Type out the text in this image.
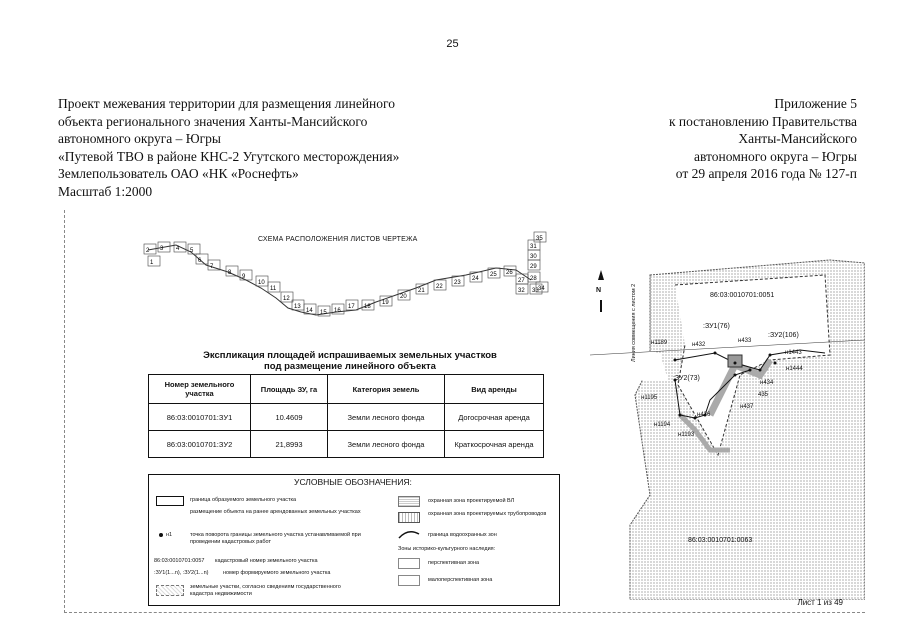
25
Проект межевания территории для размещения линейного
объекта регионального значения Ханты-Мансийского
автономного округа – Югры
«Путевой ТВО в районе КНС-2 Угутского месторождения»
Землепользователь ОАО «НК «Роснефть»
Масштаб 1:2000
Приложение 5
к постановлению Правительства
Ханты-Мансийского
автономного округа – Югры
от 29 апреля 2016 года № 127-п
СХЕМА РАСПОЛОЖЕНИЯ ЛИСТОВ ЧЕРТЕЖА
1
2 3 4 5
6
7
8
9
10
11
12
13
14 15 16
17 18
19
20
21
22
23
24
25 26
27 28
29
30
31
32 33 34
35
Экспликация площадей испрашиваемых земельных участков
под размещение линейного объекта
Номер земельного участка	Площадь ЗУ, га	Категория земель	Вид аренды
86:03:0010701:ЗУ1	10.4609	Земли лесного фонда	Догосрочная аренда
86:03:0010701:ЗУ2	21,8993	Земли лесного фонда	Краткосрочная аренда
УСЛОВНЫЕ ОБОЗНАЧЕНИЯ:
граница образуемого земельного участка
размещение объекта на ранее арендованных земельных участках
н1	точка поворота границы земельного участка устанавливаемой при проведении кадастровых работ
86:03:0010701:0057 кадастровый номер земельного участка
:ЗУ1(1...n), :ЗУ2(1...n)	номер формируемого земельного участка
земельные участки, согласно сведениям государственного кадастра недвижимости
охранная зона проектируемой ВЛ
охранная зона проектируемых трубопроводов
граница водоохранных зон
Зоны историко-культурного наследия:
перспективная зона
малоперспективная зона
86:03:0010701:0051
86:03:0010701:0063
:ЗУ1(76)
:ЗУ2(106)
:ЗУ2(73)
н1189	н432
н433
н1443
н1444
н434
435
н437
н436
н1195
н1194
н1193
Линия совмещения с листом 2
N
Лист 1 из 49
